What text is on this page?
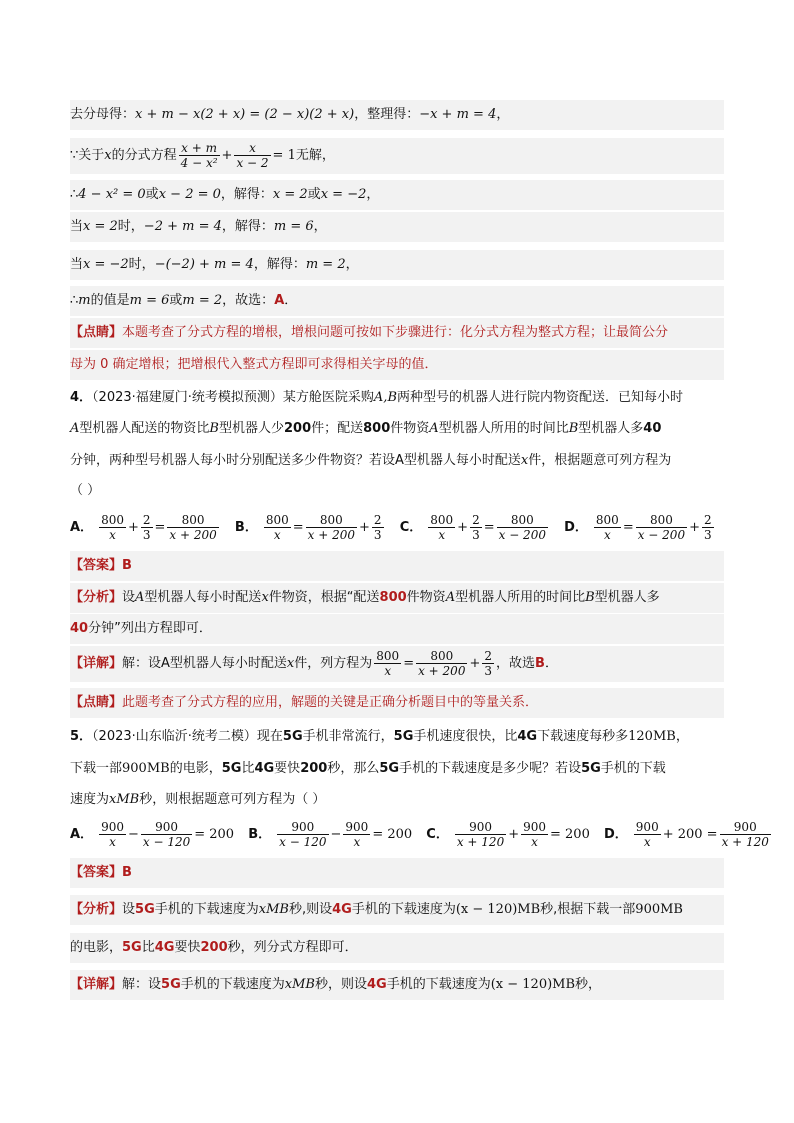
去分母得：x + m − x(2 + x) = (2 − x)(2 + x)，整理得：−x + m = 4，
∵关于x的分式方程 $\frac{x + m}{\text{4 − x²}} + \frac{x}{x - 2} = 1$无解，
∴4 − x² = 0或x − 2 = 0，解得：x = 2或x = −2，
当x = 2时，−2 + m = 4，解得：m = 6，
当x = −2时，−(−2) + m = 4，解得：m = 2，
∴m的值是m = 6或m = 2，故选：A．
【点睛】本题考查了分式方程的增根，增根问题可按如下步骤进行：化分式方程为整式方程；让最简公分
母为 0 确定增根；把增根代入整式方程即可求得相关字母的值．
4．（2023·福建厦门·统考模拟预测）某方舱医院采购A,B两种型号的机器人进行院内物资配送．已知每小时
A型机器人配送的物资比B型机器人少200件；配送800件物资A型机器人所用的时间比B型机器人多40
分钟，两种型号机器人每小时分别配送多少件物资？若设A型机器人每小时配送x件，根据题意可列方程为
（ ）
A． $\frac{800}{x} + \frac{2}{3} = \frac{800}{x + 200}$ B． $\frac{800}{x} = \frac{800}{x + 200} + \frac{2}{3}$ C． $\frac{800}{x} + \frac{2}{3} = \frac{800}{x - 200}$ D． $\frac{800}{x} = \frac{800}{x - 200} + \frac{2}{3}$
【答案】B
【分析】设A型机器人每小时配送x件物资，根据“配送800件物资A型机器人所用的时间比B型机器人多
40分钟”列出方程即可．
【详解】解：设A型机器人每小时配送x件，列方程为 $\frac{800}{x} = \frac{800}{x + 200} + \frac{2}{3}$ ，故选B．
【点睛】此题考查了分式方程的应用，解题的关键是正确分析题目中的等量关系．
5．（2023·山东临沂·统考二模）现在5G手机非常流行，5G手机速度很快，比4G下载速度每秒多120MB，
下载一部900MB的电影，5G比4G要快200秒，那么5G手机的下载速度是多少呢？若设5G手机的下载
速度为xMB秒，则根据题意可列方程为（ ）
A． $\frac{900}{x} - \frac{900}{x - 120} = 200$ B． $\frac{900}{x - 120} - \frac{900}{x} = 200$ C． $\frac{900}{x + 120} + \frac{900}{x} = 200$ D． $\frac{900}{x} + 200 = \frac{900}{x + 120}$
【答案】B
【分析】设5G手机的下载速度为xMB秒,则设4G手机的下载速度为(x − 120)MB秒,根据下载一部900MB
的电影，5G比4G要快200秒，列分式方程即可．
【详解】解：设5G手机的下载速度为xMB秒，则设4G手机的下载速度为(x − 120)MB秒，
